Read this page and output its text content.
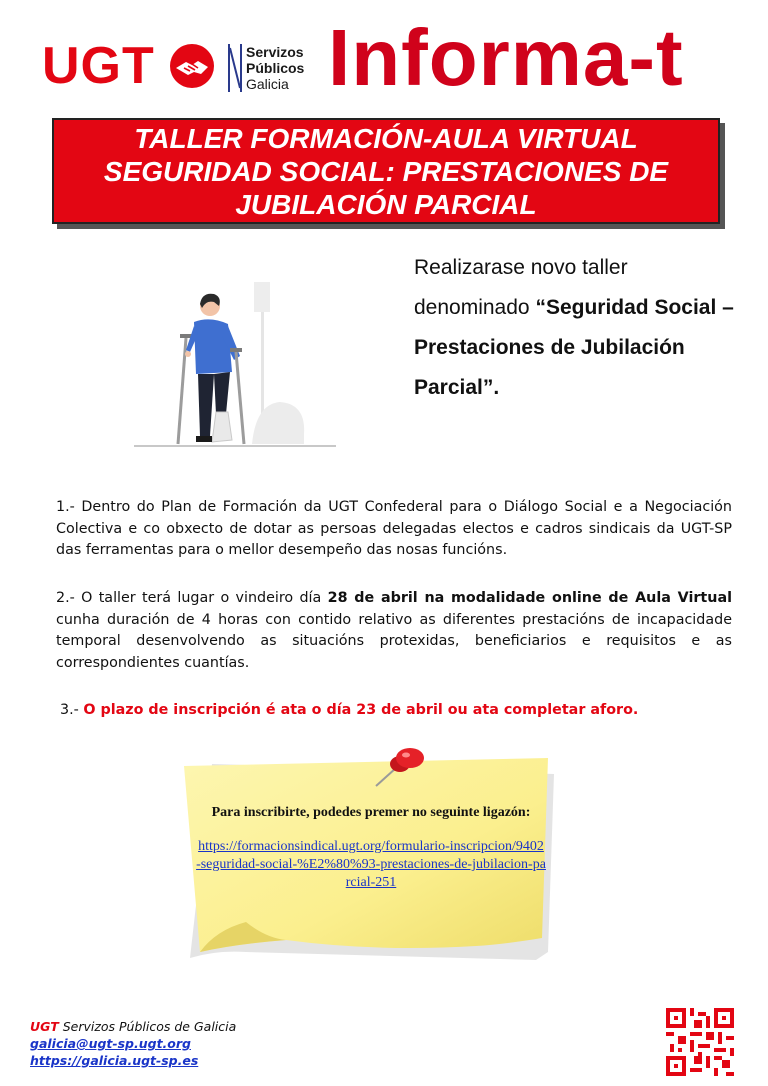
UGT	Servizos
Públicos
Galicia Informa-t
TALLER FORMACIÓN-AULA VIRTUAL
SEGURIDAD SOCIAL: PRESTACIONES DE
JUBILACIÓN PARCIAL
Realizarase novo taller denominado “Seguridad Social – Prestaciones de Jubilación Parcial”.
1.- Dentro do Plan de Formación da UGT Confederal para o Diálogo Social e a Negociación Colectiva e co obxecto de dotar as persoas delegadas electos e cadros sindicais da UGT-SP das ferramentas para o mellor desempeño das nosas funcións.
2.- O taller terá lugar o vindeiro día 28 de abril na modalidade online de Aula Virtual cunha duración de 4 horas con contido relativo as diferentes prestacións de incapacidade temporal desenvolvendo as situacións protexidas, beneficiarios e requisitos e as correspondientes cuantías.
3.- O plazo de inscripción é ata o día 23 de abril ou ata completar aforo.
Para inscribirte, podedes premer no seguinte ligazón:
https://formacionsindical.ugt.org/formulario-inscripcion/9402-seguridad-social-%E2%80%93-prestaciones-de-jubilacion-parcial-251
UGT Servizos Públicos de Galicia
galicia@ugt-sp.ugt.org
https://galicia.ugt-sp.es
